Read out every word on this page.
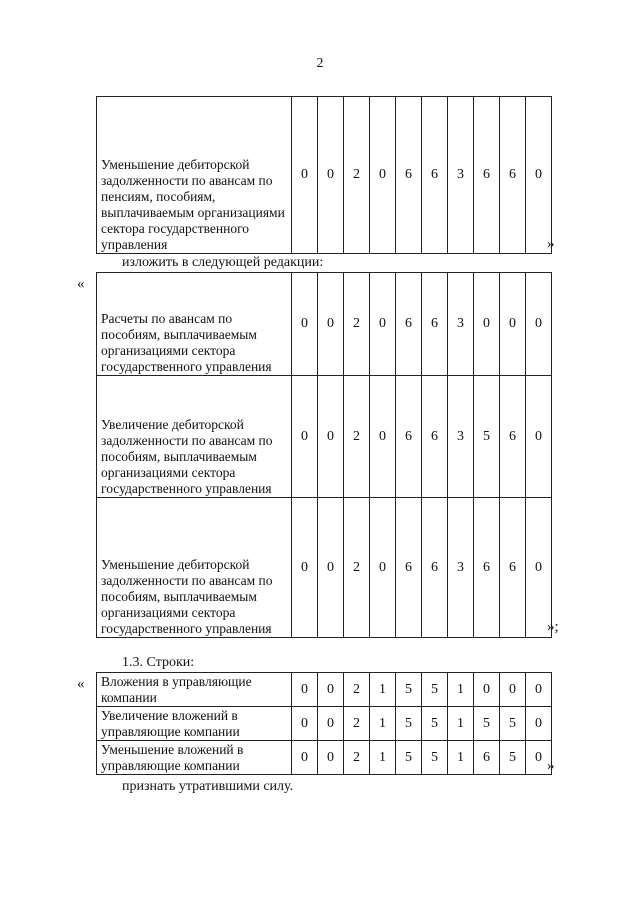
2
Уменьшение дебиторской задолженности по авансам по пенсиям, пособиям, выплачиваемым организациями сектора государственного управления	0	0	2	0	6	6	3	6	6	0
»
изложить в следующей редакции:
«
Расчеты по авансам по пособиям, выплачиваемым организациями сектора государственного управления	0	0	2	0	6	6	3	0	0	0
Увеличение дебиторской задолженности по авансам по пособиям, выплачиваемым организациями сектора государственного управления	0	0	2	0	6	6	3	5	6	0
Уменьшение дебиторской задолженности по авансам по пособиям, выплачиваемым организациями сектора государственного управления	0	0	2	0	6	6	3	6	6	0
»;
1.3. Строки:
« Вложения в управляющие компании	0	0	2	1	5	5	1	0	0	0
Увеличение вложений в управляющие компании	0	0	2	1	5	5	1	5	5	0
Уменьшение вложений в управляющие компании	0	0	2	1	5	5	1	6	5	0
»
признать утратившими силу.
